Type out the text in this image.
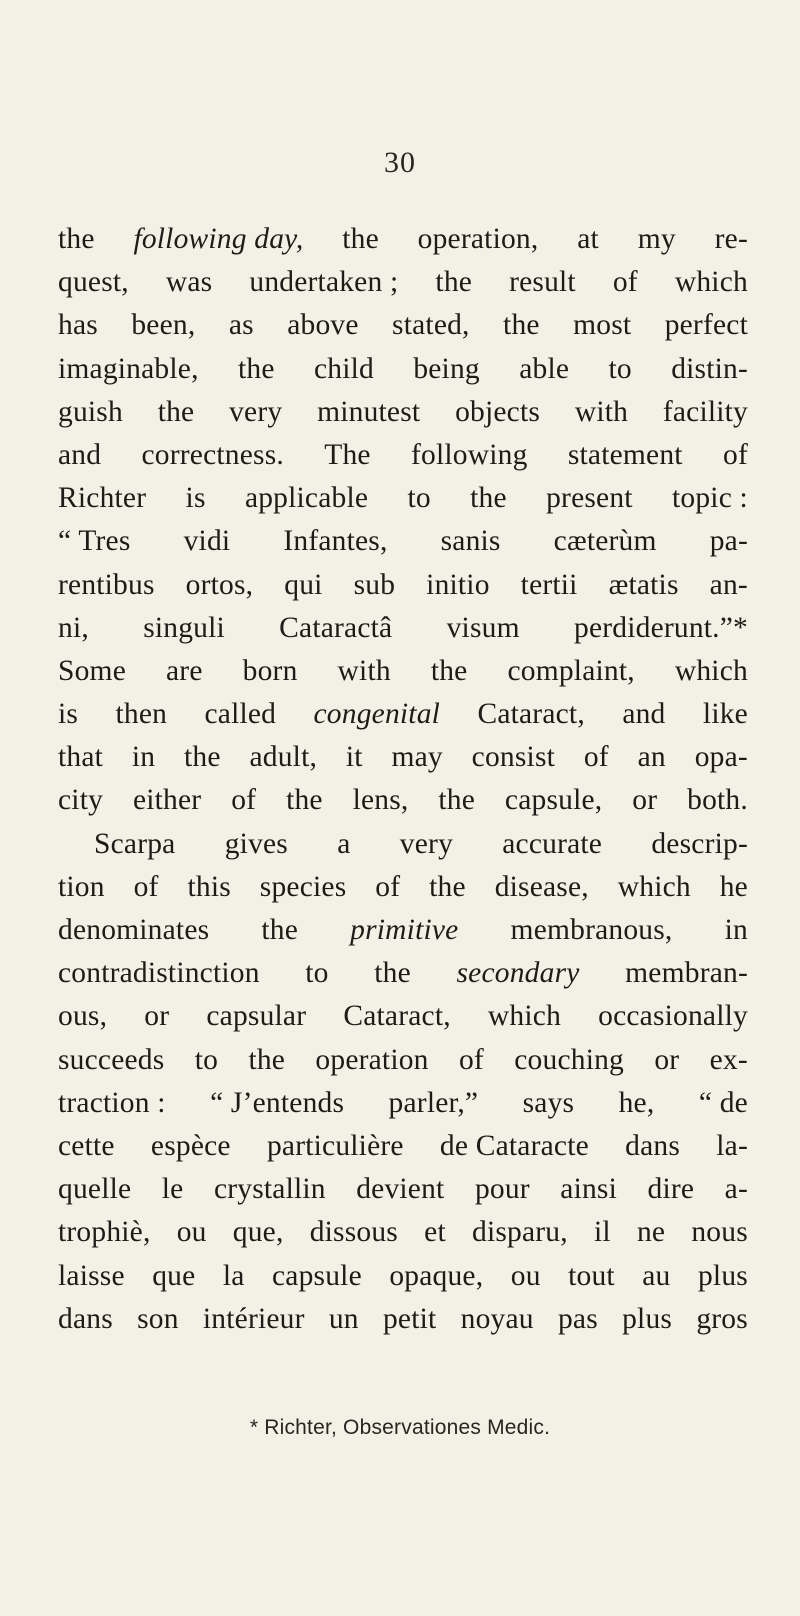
30
the following day, the operation, at my re-
quest, was undertaken ; the result of which
has been, as above stated, the most perfect
imaginable, the child being able to distin-
guish the very minutest objects with facility
and correctness. The following statement of
Richter is applicable to the present topic :
“ Tres vidi Infantes, sanis cæterùm pa-
rentibus ortos, qui sub initio tertii ætatis an-
ni, singuli Cataractâ visum perdiderunt.”*
Some are born with the complaint, which
is then called congenital Cataract, and like
that in the adult, it may consist of an opa-
city either of the lens, the capsule, or both.
Scarpa gives a very accurate descrip-
tion of this species of the disease, which he
denominates the primitive membranous, in
contradistinction to the secondary membran-
ous, or capsular Cataract, which occasionally
succeeds to the operation of couching or ex-
traction : “ J’entends parler,” says he, “ de
cette espèce particulière de Cataracte dans la-
quelle le crystallin devient pour ainsi dire a-
trophiè, ou que, dissous et disparu, il ne nous
laisse que la capsule opaque, ou tout au plus
dans son intérieur un petit noyau pas plus gros
* Richter, Observationes Medic.
